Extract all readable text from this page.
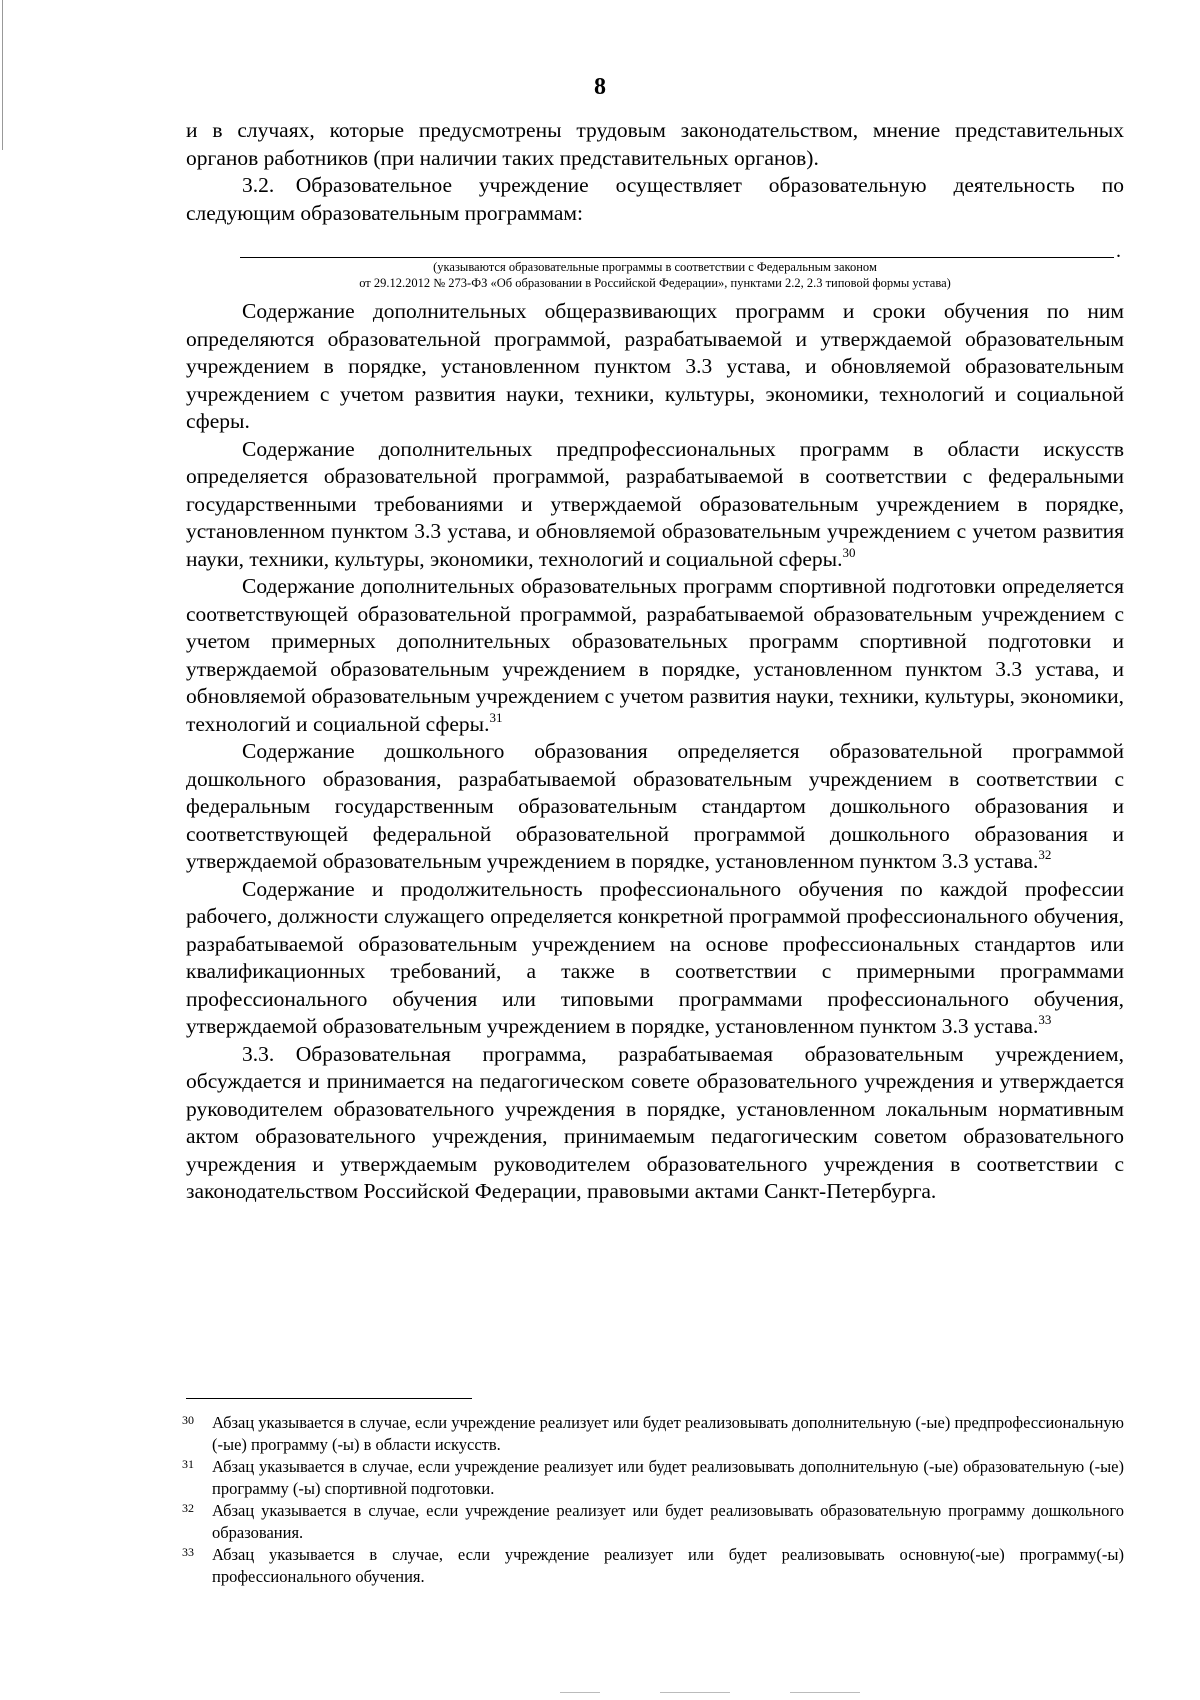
8

и в случаях, которые предусмотрены трудовым законодательством, мнение представительных органов работников (при наличии таких представительных органов).

3.2. Образовательное учреждение осуществляет образовательную деятельность по следующим образовательным программам:

.
(указываются образовательные программы в соответствии с Федеральным законом
от 29.12.2012 № 273-ФЗ «Об образовании в Российской Федерации», пунктами 2.2, 2.3 типовой формы устава)

Содержание дополнительных общеразвивающих программ и сроки обучения по ним определяются образовательной программой, разрабатываемой и утверждаемой образовательным учреждением в порядке, установленном пунктом 3.3 устава, и обновляемой образовательным учреждением с учетом развития науки, техники, культуры, экономики, технологий и социальной сферы.

Содержание дополнительных предпрофессиональных программ в области искусств определяется образовательной программой, разрабатываемой в соответствии с федеральными государственными требованиями и утверждаемой образовательным учреждением в порядке, установленном пунктом 3.3 устава, и обновляемой образовательным учреждением с учетом развития науки, техники, культуры, экономики, технологий и социальной сферы.$^{30}$

Содержание дополнительных образовательных программ спортивной подготовки определяется соответствующей образовательной программой, разрабатываемой образовательным учреждением с учетом примерных дополнительных образовательных программ спортивной подготовки и утверждаемой образовательным учреждением в порядке, установленном пунктом 3.3 устава, и обновляемой образовательным учреждением с учетом развития науки, техники, культуры, экономики, технологий и социальной сферы.$^{31}$

Содержание дошкольного образования определяется образовательной программой дошкольного образования, разрабатываемой образовательным учреждением в соответствии с федеральным государственным образовательным стандартом дошкольного образования и соответствующей федеральной образовательной программой дошкольного образования и утверждаемой образовательным учреждением в порядке, установленном пунктом 3.3 устава.$^{32}$

Содержание и продолжительность профессионального обучения по каждой профессии рабочего, должности служащего определяется конкретной программой профессионального обучения, разрабатываемой образовательным учреждением на основе профессиональных стандартов или квалификационных требований, а также в соответствии с примерными программами профессионального обучения или типовыми программами профессионального обучения, утверждаемой образовательным учреждением в порядке, установленном пунктом 3.3 устава.$^{33}$

3.3. Образовательная программа, разрабатываемая образовательным учреждением, обсуждается и принимается на педагогическом совете образовательного учреждения и утверждается руководителем образовательного учреждения в порядке, установленном локальным нормативным актом образовательного учреждения, принимаемым педагогическим советом образовательного учреждения и утверждаемым руководителем образовательного учреждения в соответствии с законодательством Российской Федерации, правовыми актами Санкт-Петербурга.

30 Абзац указывается в случае, если учреждение реализует или будет реализовывать дополнительную (-ые) предпрофессиональную (-ые) программу (-ы) в области искусств.

31 Абзац указывается в случае, если учреждение реализует или будет реализовывать дополнительную (-ые) образовательную (-ые) программу (-ы) спортивной подготовки.

32 Абзац указывается в случае, если учреждение реализует или будет реализовывать образовательную программу дошкольного образования.

33 Абзац указывается в случае, если учреждение реализует или будет реализовывать основную(-ые) программу(-ы) профессионального обучения.
